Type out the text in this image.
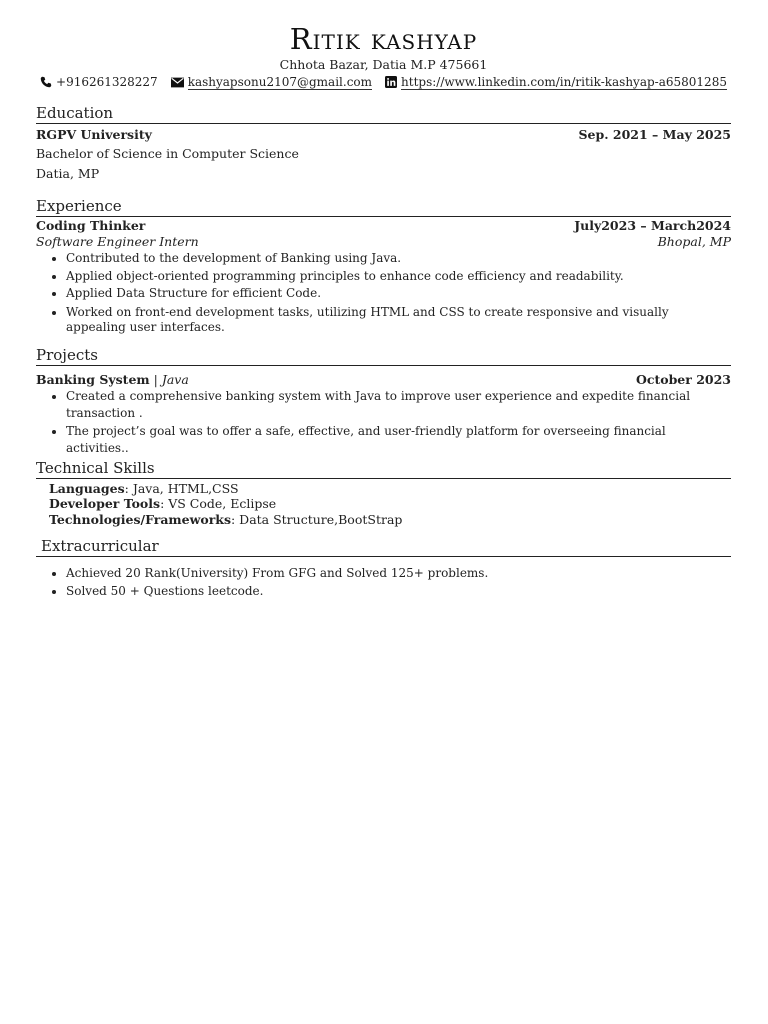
Ritik kashyap
Chhota Bazar, Datia M.P 475661
+916261328227	kashyapsonu2107@gmail.com https://www.linkedin.com/in/ritik-kashyap-a65801285
Education
RGPV University	Sep. 2021 – May 2025
Bachelor of Science in Computer Science
Datia, MP
Experience
Coding Thinker	July2023 – March2024
Software Engineer Intern	Bhopal, MP
• Contributed to the development of Banking using Java.
• Applied object-oriented programming principles to enhance code efficiency and readability.
• Applied Data Structure for efficient Code.
• Worked on front-end development tasks, utilizing HTML and CSS to create responsive and visually appealing user interfaces.
Projects
Banking System | Java	October 2023
• Created a comprehensive banking system with Java to improve user experience and expedite financial transaction .
• The project’s goal was to offer a safe, effective, and user-friendly platform for overseeing financial activities..
Technical Skills
Languages: Java, HTML,CSS
Developer Tools: VS Code, Eclipse
Technologies/Frameworks: Data Structure,BootStrap
Extracurricular
• Achieved 20 Rank(University) From GFG and Solved 125+ problems.
• Solved 50 + Questions leetcode.
